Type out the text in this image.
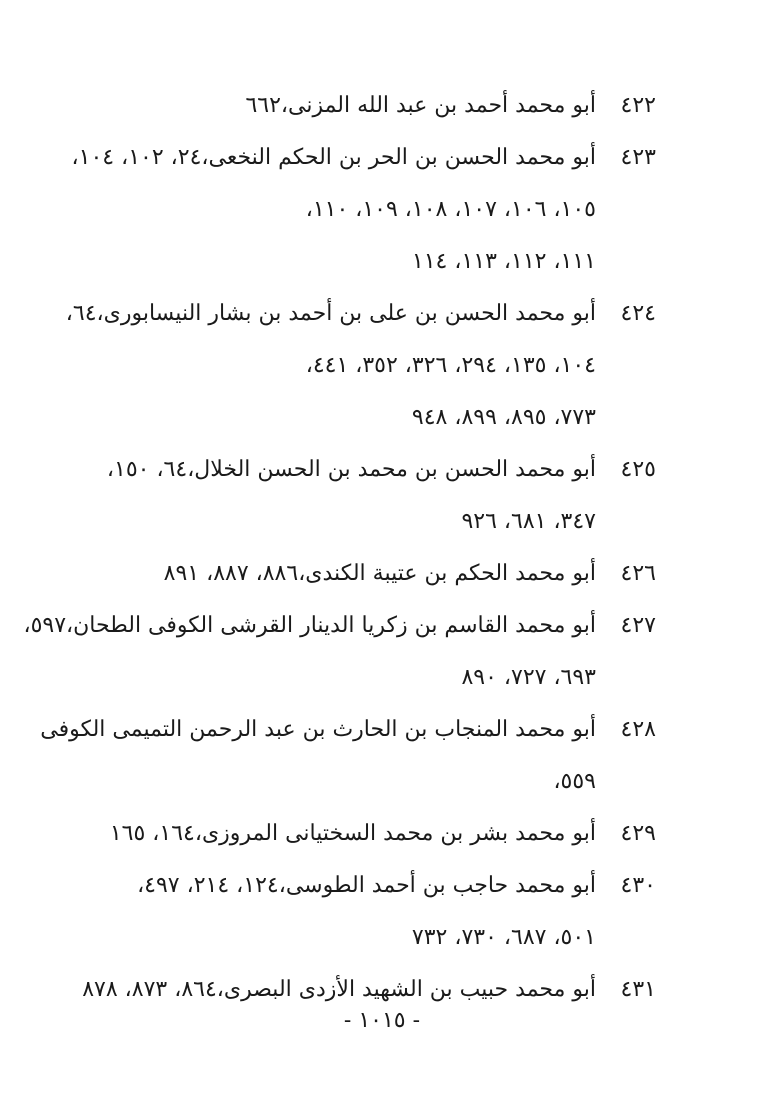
٤٢٢
أبو محمد أحمد بن عبد الله المزنى،٦٦٢
٤٢٣
أبو محمد الحسن بن الحر بن الحكم النخعى،٢٤، ١٠٢، ١٠٤،
١٠٥، ١٠٦، ١٠٧، ١٠٨، ١٠٩، ١١٠،
١١١، ١١٢، ١١٣، ١١٤
٤٢٤
أبو محمد الحسن بن على بن أحمد بن بشار النيسابورى،٦٤،
١٠٤، ١٣٥، ٢٩٤، ٣٢٦، ٣٥٢، ٤٤١،
٧٧٣، ٨٩٥، ٨٩٩، ٩٤٨
٤٢٥
أبو محمد الحسن بن محمد بن الحسن الخلال،٦٤، ١٥٠،
٣٤٧، ٦٨١، ٩٢٦
٤٢٦
أبو محمد الحكم بن عتيبة الكندى،٨٨٦، ٨٨٧، ٨٩١
٤٢٧
أبو محمد القاسم بن زكريا الدينار القرشى الكوفى الطحان،٥٩٧،
٦٩٣، ٧٢٧، ٨٩٠
٤٢٨
أبو محمد المنجاب بن الحارث بن عبد الرحمن التميمى الكوفى
٥٥٩،
٤٢٩
أبو محمد بشر بن محمد السختيانى المروزى،١٦٤، ١٦٥
٤٣٠
أبو محمد حاجب بن أحمد الطوسى،١٢٤، ٢١٤، ٤٩٧،
٥٠١، ٦٨٧، ٧٣٠، ٧٣٢
٤٣١
أبو محمد حبيب بن الشهيد الأزدى البصرى،٨٦٤، ٨٧٣، ٨٧٨
- ١٠١٥ -
